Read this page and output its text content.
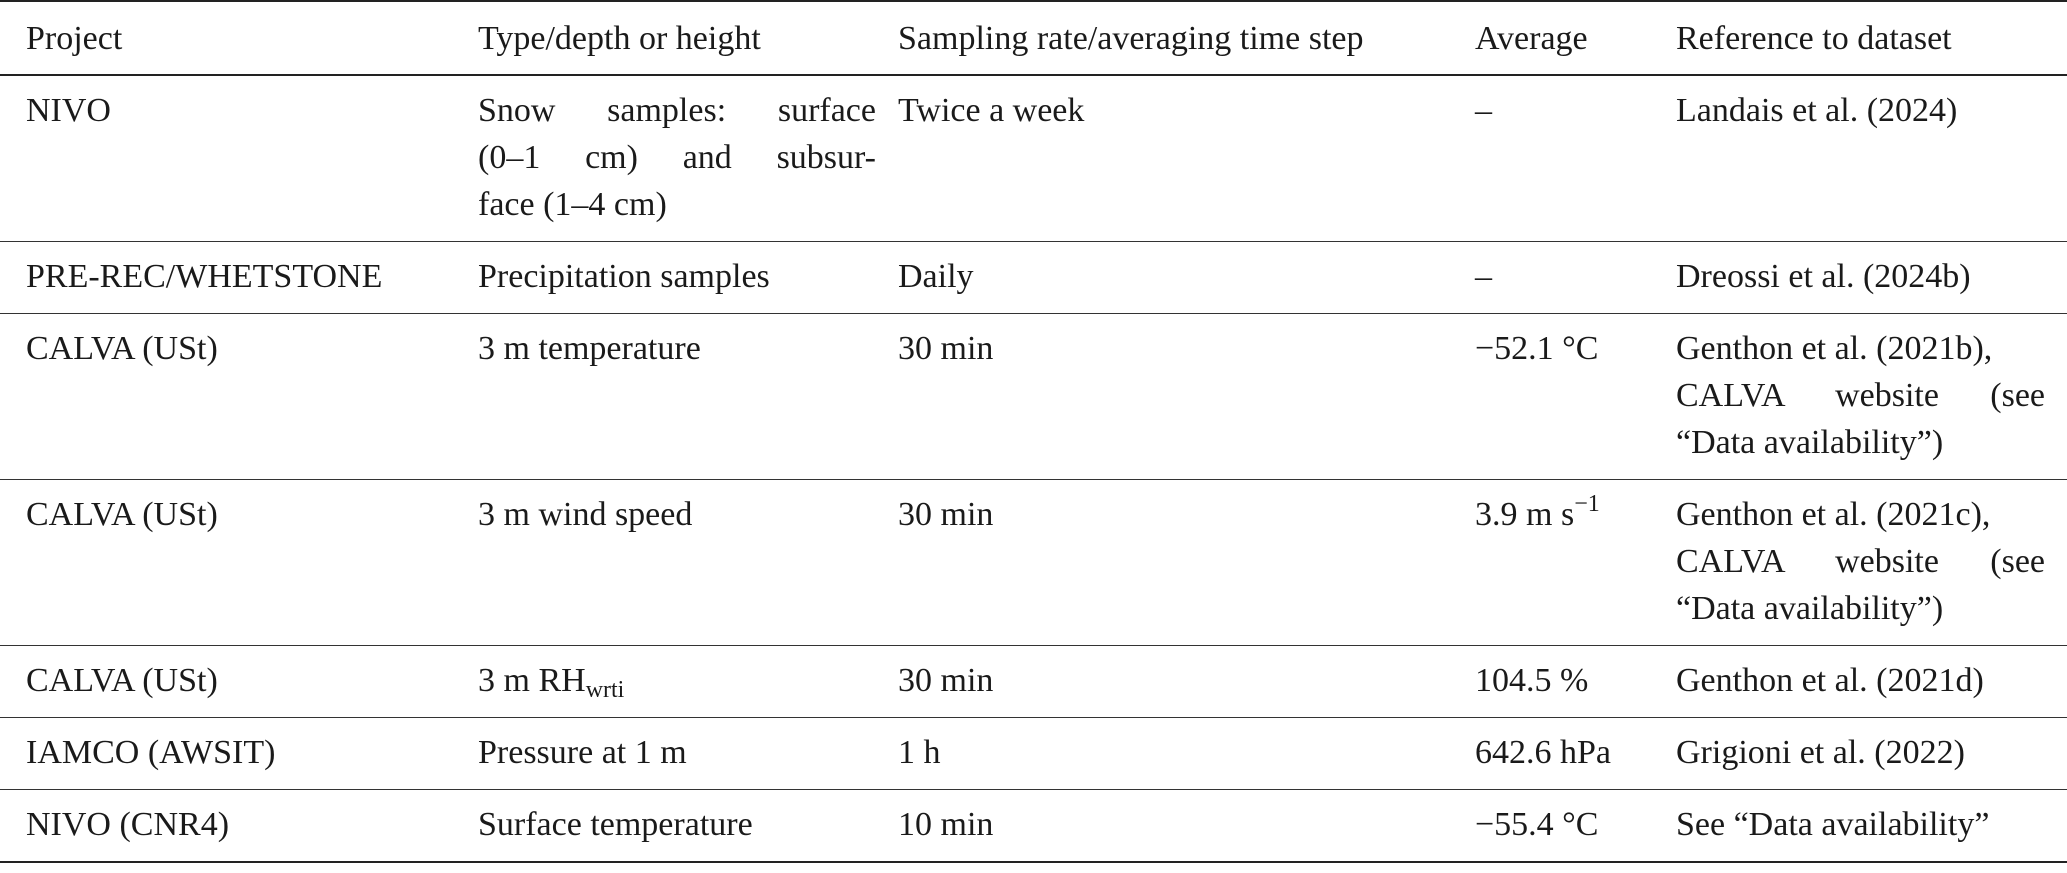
Project	Type/depth or height	Sampling rate/averaging time step	Average	Reference to dataset
NIVO	Snow samples: surface
(0–1 cm) and subsur-
face (1–4 cm)	Twice a week	–	Landais et al. (2024)

PRE-REC/WHETSTONE	Precipitation samples	Daily	–	Dreossi et al. (2024b)

CALVA (USt)	3 m temperature	30 min	−52.1 °C	Genthon et al. (2021b),
CALVA website (see
“Data availability”)

CALVA (USt)	3 m wind speed	30 min	3.9 m $s^{-1}$	Genthon et al. (2021c),
CALVA website (see
“Data availability”)

CALVA (USt)	3 m $RH_{wrti}$	30 min	104.5 %	Genthon et al. (2021d)

IAMCO (AWSIT)	Pressure at 1 m	1 h	642.6 hPa	Grigioni et al. (2022)

NIVO (CNR4)	Surface temperature	10 min	−55.4 °C	See “Data availability”
